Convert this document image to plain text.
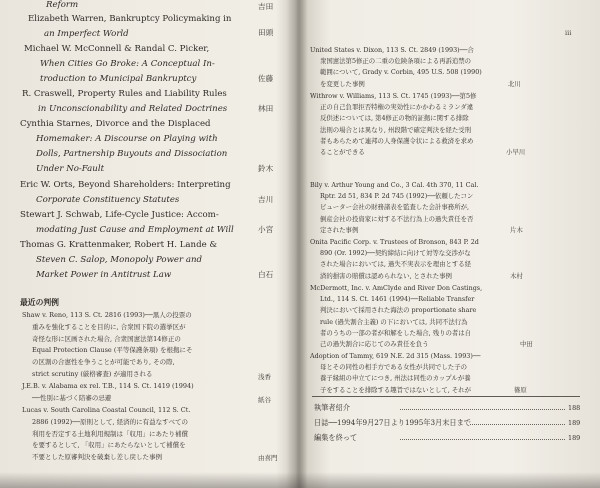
Reform	吉田
Elizabeth Warren, Bankruptcy Policymaking in
an Imperfect World	田頭
Michael W. McConnell & Randal C. Picker,
When Cities Go Broke: A Conceptual In-
troduction to Municipal Bankruptcy	佐藤
R. Craswell, Property Rules and Liability Rules
in Unconscionability and Related Doctrines	林田
Cynthia Starnes, Divorce and the Displaced
Homemaker: A Discourse on Playing with
Dolls, Partnership Buyouts and Dissociation
Under No-Fault	鈴木
Eric W. Orts, Beyond Shareholders: Interpreting
Corporate Constituency Statutes	吉川
Stewart J. Schwab, Life-Cycle Justice: Accom-
modating Just Cause and Employment at Will	小宮
Thomas G. Krattenmaker, Robert H. Lande &
Steven C. Salop, Monopoly Power and
Market Power in Antitrust Law	白石
最近の判例
Shaw v. Reno, 113 S. Ct. 2816 (1993)──黒人の投票の
重みを強化することを目的に, 合衆国下院の選挙区が
奇怪な形に区画された場合, 合衆国憲法第14修正の
Equal Protection Clause (平等保護条項) を根拠にそ
の区割の合憲性を争うことが可能であり, その際,
strict scrutiny (厳格審査) が適用される	浅香
J.E.B. v. Alabama ex rel. T.B., 114 S. Ct. 1419 (1994)
──性別に基づく陪審の忌避	紙谷
Lucas v. South Carolina Coastal Council, 112 S. Ct.
2886 (1992)──原則として, 経済的に有益なすべての
利用を否定する土地利用規制は「収用」にあたり補償
を要するとして, 「収用」にあたらないとして補償を
不要とした原審判決を破棄し差し戻した事例	由喜門
iii
United States v. Dixon, 113 S. Ct. 2849 (1993)──合
衆国憲法第5修正の二重の危険条項による再訴追禁の
範囲について, Grady v. Corbin, 495 U.S. 508 (1990)
を変更した事例	北川
Withrow v. Williams, 113 S. Ct. 1745 (1993)──第5修
正の自己負罪拒否特権の実効性にかかわるミランダ違
反供述については, 第4修正の物的証拠に関する排除
法則の場合とは異なり, 州段階で確定判決を経た受刑
者もあらためて連邦の人身保護令状による救済を求め
ることができる	小早川
Bily v. Arthur Young and Co., 3 Cal. 4th 370, 11 Cal.
Rptr. 2d 51, 834 P. 2d 745 (1992)──依頼したコン
ピューター会社の財務諸表を監査した会計事務所が,
倒産会社の投資家に対する不法行為上の過失責任を否
定された事例	片木
Onita Pacific Corp. v. Trustees of Bronson, 843 P. 2d
890 (Or. 1992)──契約締結に向けて対等な交渉がな
された場合においては, 過失不実表示を理由とする経
済的損害の賠償は認められない, とされた事例	木村
McDermott, Inc. v. AmClyde and River Don Castings,
Ltd., 114 S. Ct. 1461 (1994)──Reliable Transfer
判決において採用された海法の proportionate share
rule (過失割合主義) の下においては, 共同不法行為
者のうちの一部の者が和解をした場合, 残りの者は自
己の過失割合に応じてのみ責任を負う	中田
Adoption of Tammy, 619 N.E. 2d 315 (Mass. 1993)──
母とその同性の相手方である女性が共同でした子の
養子縁組の申立てにつき, 州法は同性のカップルが養
子をすることを排除する趣旨ではないとして, それが	篠原
執筆者紹介	188
日誌──1994年9月27日より1995年3月末日まで	189
編集を終って	189
